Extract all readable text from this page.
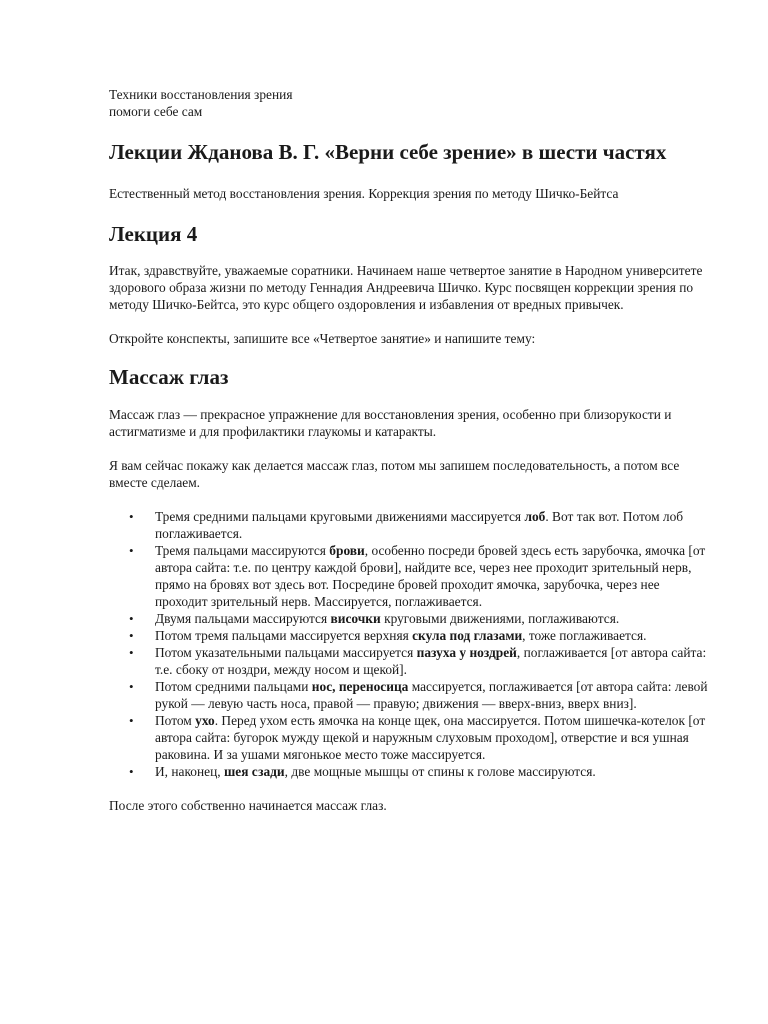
Техники восстановления зрения

помоги себе сам

Лекции Жданова В. Г. «Верни себе зрение» в шести частях

Естественный метод восстановления зрения. Коррекция зрения по методу Шичко-Бейтса

Лекция 4

Итак, здравствуйте, уважаемые соратники. Начинаем наше четвертое занятие в Народном университете здорового образа жизни по методу Геннадия Андреевича Шичко. Курс посвящен коррекции зрения по методу Шичко-Бейтса, это курс общего оздоровления и избавления от вредных привычек.

Откройте конспекты, запишите все «Четвертое занятие» и напишите тему:

Массаж глаз

Массаж глаз — прекрасное упражнение для восстановления зрения, особенно при близорукости и астигматизме и для профилактики глаукомы и катаракты.

Я вам сейчас покажу как делается массаж глаз, потом мы запишем последовательность, а потом все вместе сделаем.

• Тремя средними пальцами круговыми движениями массируется лоб. Вот так вот. Потом лоб поглаживается.
• Тремя пальцами массируются брови, особенно посреди бровей здесь есть зарубочка, ямочка [от автора сайта: т.е. по центру каждой брови], найдите все, через нее проходит зрительный нерв, прямо на бровях вот здесь вот. Посредине бровей проходит ямочка, зарубочка, через нее проходит зрительный нерв. Массируется, поглаживается.
• Двумя пальцами массируются височки круговыми движениями, поглаживаются.
• Потом тремя пальцами массируется верхняя скула под глазами, тоже поглаживается.
• Потом указательными пальцами массируется пазуха у ноздрей, поглаживается [от автора сайта: т.е. сбоку от ноздри, между носом и щекой].
• Потом средними пальцами нос, переносица массируется, поглаживается [от автора сайта: левой рукой — левую часть носа, правой — правую; движения — вверх-вниз, вверх вниз].
• Потом ухо. Перед ухом есть ямочка на конце щек, она массируется. Потом шишечка-котелок [от автора сайта: бугорок мужду щекой и наружным слуховым проходом], отверстие и вся ушная раковина. И за ушами мягонькое место тоже массируется.
• И, наконец, шея сзади, две мощные мышцы от спины к голове массируются.

После этого собственно начинается массаж глаз.
